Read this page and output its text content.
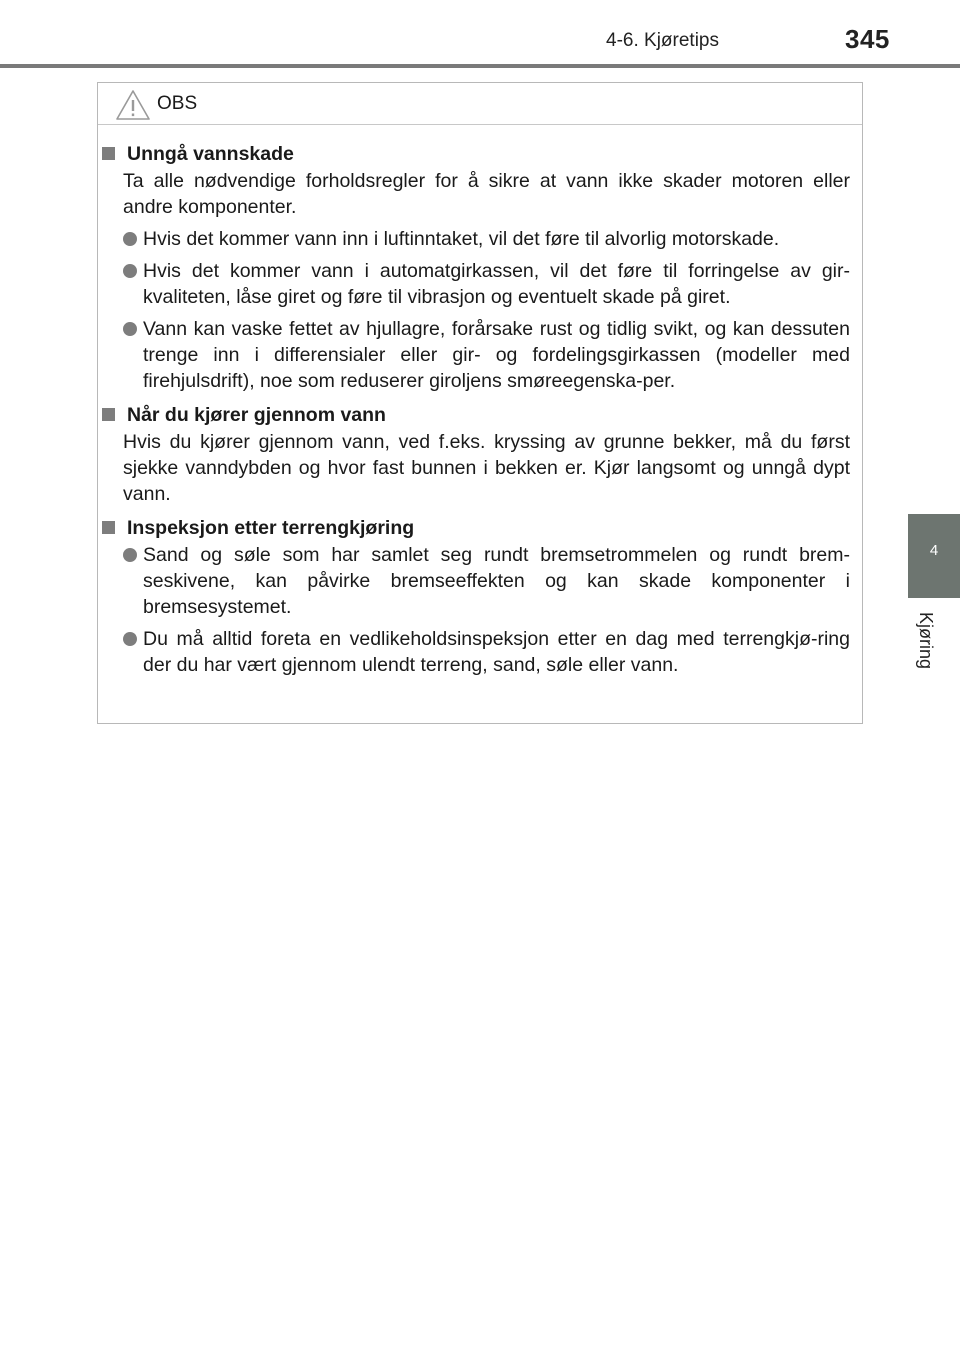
4-6. Kjøretips	345
4
Kjøring
OBS
Unngå vannskade
Ta alle nødvendige forholdsregler for å sikre at vann ikke skader motoren eller andre komponenter.
Hvis det kommer vann inn i luftinntaket, vil det føre til alvorlig motorskade.
Hvis det kommer vann i automatgirkassen, vil det føre til forringelse av gir-kvaliteten, låse giret og føre til vibrasjon og eventuelt skade på giret.
Vann kan vaske fettet av hjullagre, forårsake rust og tidlig svikt, og kan dessuten trenge inn i differensialer eller gir- og fordelingsgirkassen (modeller med firehjulsdrift), noe som reduserer giroljens smøreegenska-per.
Når du kjører gjennom vann
Hvis du kjører gjennom vann, ved f.eks. kryssing av grunne bekker, må du først sjekke vanndybden og hvor fast bunnen i bekken er. Kjør langsomt og unngå dypt vann.
Inspeksjon etter terrengkjøring
Sand og søle som har samlet seg rundt bremsetrommelen og rundt brem-seskivene, kan påvirke bremseeffekten og kan skade komponenter i bremsesystemet.
Du må alltid foreta en vedlikeholdsinspeksjon etter en dag med terrengkjø-ring der du har vært gjennom ulendt terreng, sand, søle eller vann.
